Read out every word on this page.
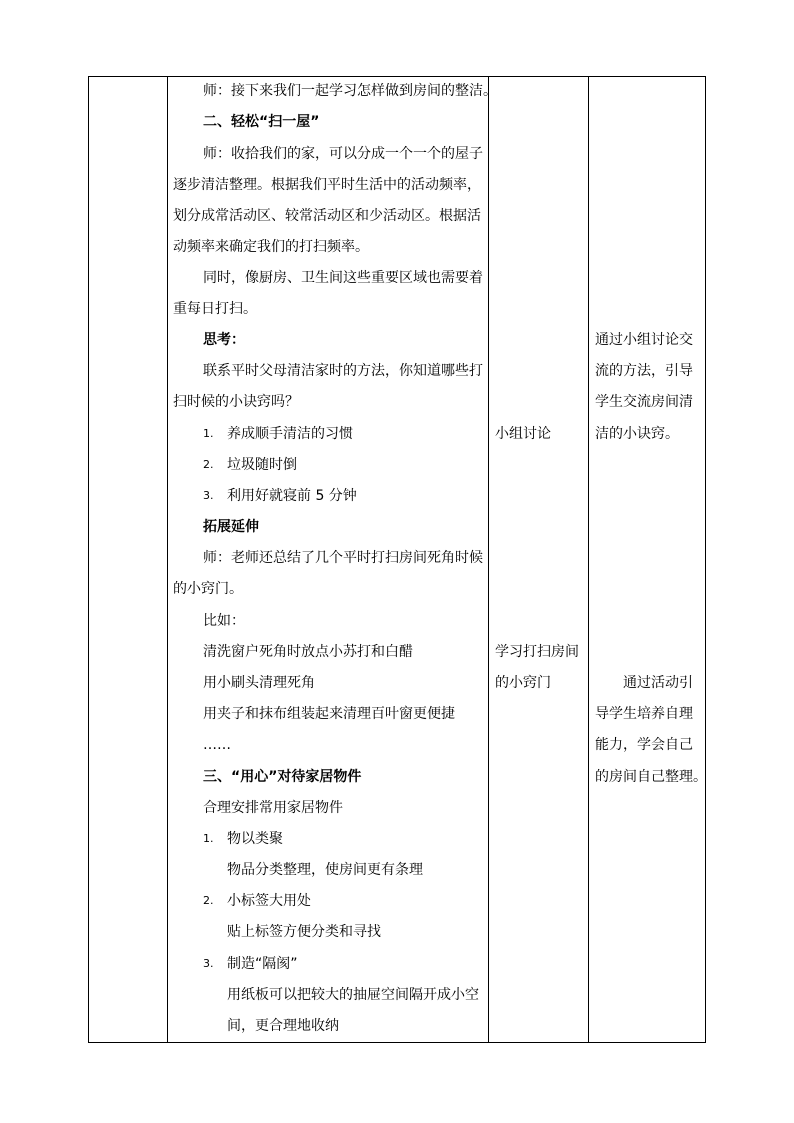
师：接下来我们一起学习怎样做到房间的整洁。
二、轻松“扫一屋”
师：收拾我们的家，可以分成一个一个的屋子
逐步清洁整理。根据我们平时生活中的活动频率，
划分成常活动区、较常活动区和少活动区。根据活
动频率来确定我们的打扫频率。
同时，像厨房、卫生间这些重要区域也需要着
重每日打扫。
思考：
联系平时父母清洁家时的方法，你知道哪些打
扫时候的小诀窍吗？
1. 养成顺手清洁的习惯
2. 垃圾随时倒
3. 利用好就寝前 5 分钟
拓展延伸
师：老师还总结了几个平时打扫房间死角时候
的小窍门。
比如：
清洗窗户死角时放点小苏打和白醋
用小刷头清理死角
用夹子和抹布组装起来清理百叶窗更便捷
……
三、“用心”对待家居物件
合理安排常用家居物件
1. 物以类聚
物品分类整理，使房间更有条理
2. 小标签大用处
贴上标签方便分类和寻找
3. 制造“隔阂”
用纸板可以把较大的抽屉空间隔开成小空
间，更合理地收纳
小组讨论
学习打扫房间
的小窍门
通过小组讨论交
流的方法，引导
学生交流房间清
洁的小诀窍。
通过活动引
导学生培养自理
能力，学会自己
的房间自己整理。
